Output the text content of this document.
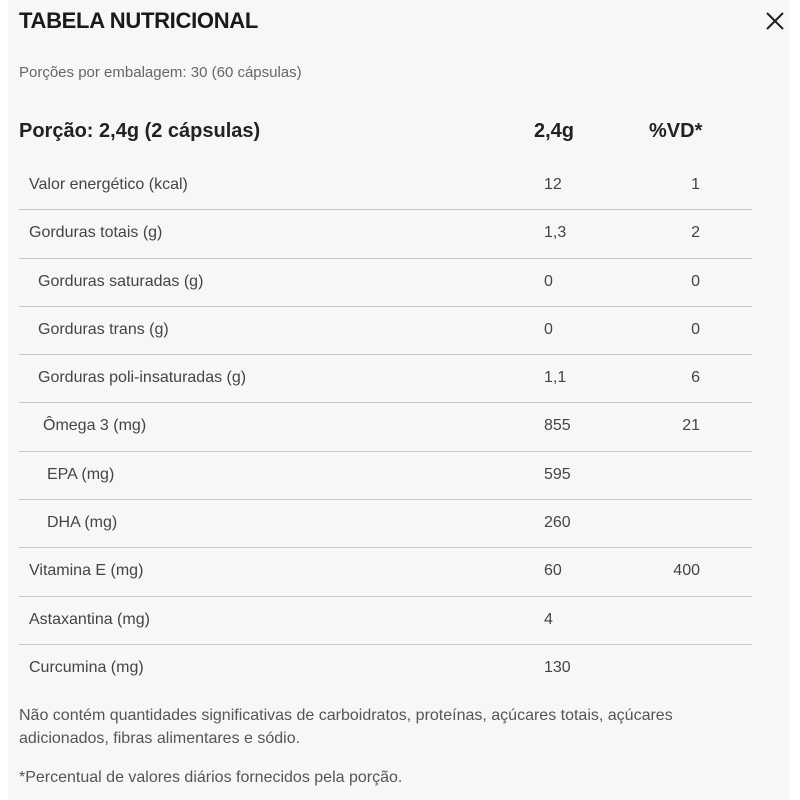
TABELA NUTRICIONAL
Porções por embalagem: 30 (60 cápsulas)
Porção: 2,4g (2 cápsulas)	2,4g	%VD*
Valor energético (kcal)	12	1
Gorduras totais (g)	1,3	2
Gorduras saturadas (g)	0	0
Gorduras trans (g)	0	0
Gorduras poli-insaturadas (g)	1,1	6
Ômega 3 (mg)	855	21
EPA (mg)	595
DHA (mg)	260
Vitamina E (mg)	60	400
Astaxantina (mg)	4
Curcumina (mg)	130
Não contém quantidades significativas de carboidratos, proteínas, açúcares totais, açúcares adicionados, fibras alimentares e sódio.
*Percentual de valores diários fornecidos pela porção.
